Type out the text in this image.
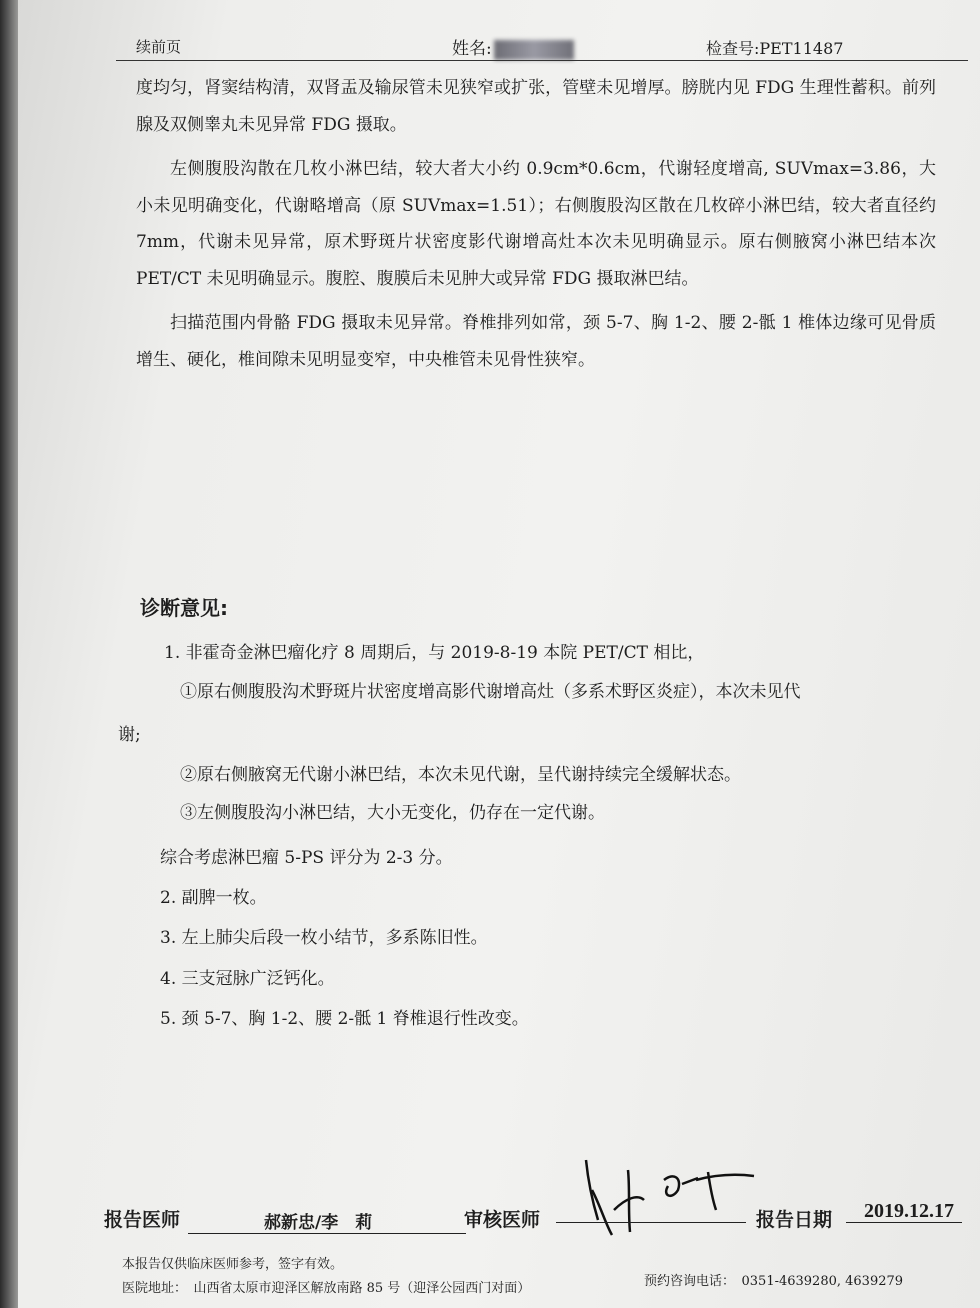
续前页	姓名:	检查号:PET11487

度均匀，肾窦结构清，双肾盂及输尿管未见狭窄或扩张，管壁未见增厚。膀胱内见 FDG 生理性蓄积。前列腺及双侧睾丸未见异常 FDG 摄取。

左侧腹股沟散在几枚小淋巴结，较大者大小约 0.9cm*0.6cm，代谢轻度增高, SUVmax=3.86，大小未见明确变化，代谢略增高（原 SUVmax=1.51）；右侧腹股沟区散在几枚碎小淋巴结，较大者直径约 7mm，代谢未见异常，原术野斑片状密度影代谢增高灶本次未见明确显示。原右侧腋窝小淋巴结本次 PET/CT 未见明确显示。腹腔、腹膜后未见肿大或异常 FDG 摄取淋巴结。

扫描范围内骨骼 FDG 摄取未见异常。脊椎排列如常，颈 5-7、胸 1-2、腰 2-骶 1 椎体边缘可见骨质增生、硬化，椎间隙未见明显变窄，中央椎管未见骨性狭窄。

诊断意见:
1. 非霍奇金淋巴瘤化疗 8 周期后，与 2019-8-19 本院 PET/CT 相比，
①原右侧腹股沟术野斑片状密度增高影代谢增高灶（多系术野区炎症），本次未见代
谢;
②原右侧腋窝无代谢小淋巴结，本次未见代谢，呈代谢持续完全缓解状态。
③左侧腹股沟小淋巴结，大小无变化，仍存在一定代谢。
综合考虑淋巴瘤 5-PS 评分为 2-3 分。
2. 副脾一枚。
3. 左上肺尖后段一枚小结节，多系陈旧性。
4. 三支冠脉广泛钙化。
5. 颈 5-7、胸 1-2、腰 2-骶 1 脊椎退行性改变。
报告医师	郝新忠/李　莉	审核医师	报告日期 2019.12.17
本报告仅供临床医师参考，签字有效。
医院地址：　山西省太原市迎泽区解放南路 85 号（迎泽公园西门对面）	预约咨询电话：　0351-4639280, 4639279
